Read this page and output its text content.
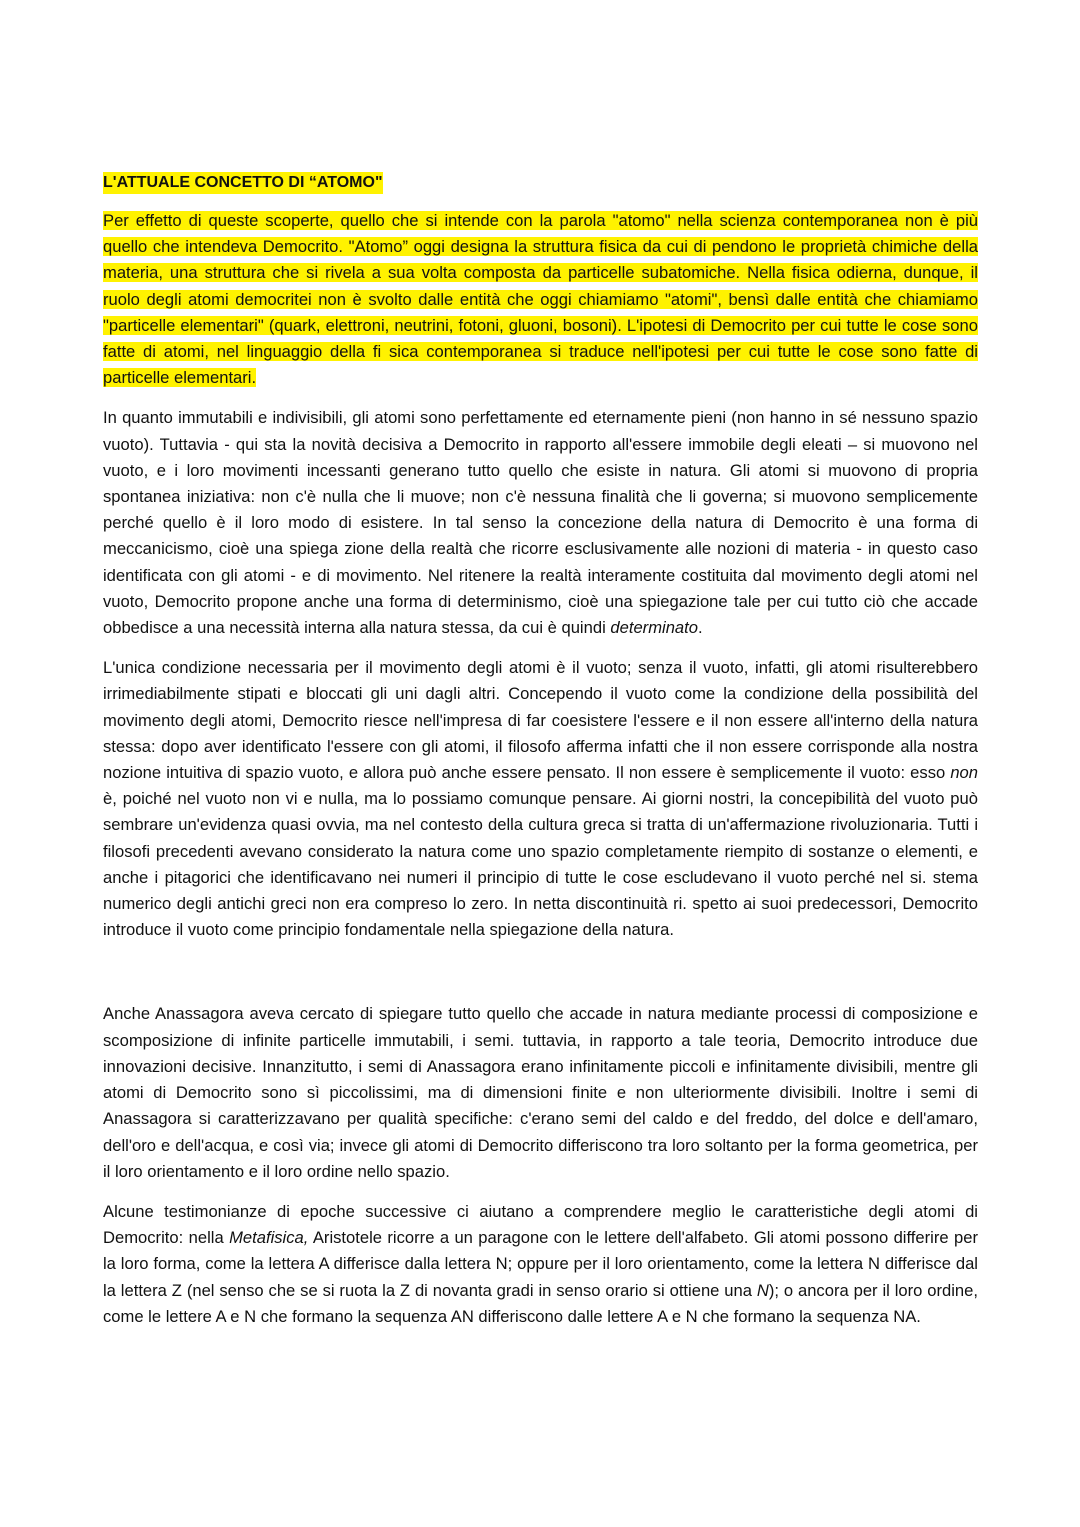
L'ATTUALE CONCETTO DI “ATOMO"

Per effetto di queste scoperte, quello che si intende con la parola "atomo" nella scienza contemporanea non è più quello che intendeva Democrito. "Atomo” oggi designa la struttura fisica da cui di pendono le proprietà chimiche della materia, una struttura che si rivela a sua volta composta da particelle subatomiche. Nella fisica odierna, dunque, il ruolo degli atomi democritei non è svolto dalle entità che oggi chiamiamo "atomi", bensì dalle entità che chiamiamo "particelle elementari" (quark, elettroni, neutrini, fotoni, gluoni, bosoni). L'ipotesi di Democrito per cui tutte le cose sono fatte di atomi, nel linguaggio della fi sica contemporanea si traduce nell'ipotesi per cui tutte le cose sono fatte di particelle elementari.

In quanto immutabili e indivisibili, gli atomi sono perfettamente ed eternamente pieni (non hanno in sé nessuno spazio vuoto). Tuttavia - qui sta la novità decisiva a Democrito in rapporto all'essere immobile degli eleati – si muovono nel vuoto, e i loro movimenti incessanti generano tutto quello che esiste in natura. Gli atomi si muovono di propria spontanea iniziativa: non c'è nulla che li muove; non c'è nessuna finalità che li governa; si muovono semplicemente perché quello è il loro modo di esistere. In tal senso la concezione della natura di Democrito è una forma di meccanicismo, cioè una spiega zione della realtà che ricorre esclusivamente alle nozioni di materia - in questo caso identificata con gli atomi - e di movimento. Nel ritenere la realtà interamente costituita dal movimento degli atomi nel vuoto, Democrito propone anche una forma di determinismo, cioè una spiegazione tale per cui tutto ciò che accade obbedisce a una necessità interna alla natura stessa, da cui è quindi determinato.

L'unica condizione necessaria per il movimento degli atomi è il vuoto; senza il vuoto, infatti, gli atomi risulterebbero irrimediabilmente stipati e bloccati gli uni dagli altri. Concependo il vuoto come la condizione della possibilità del movimento degli atomi, Democrito riesce nell'impresa di far coesistere l'essere e il non essere all'interno della natura stessa: dopo aver identificato l'essere con gli atomi, il filosofo afferma infatti che il non essere corrisponde alla nostra nozione intuitiva di spazio vuoto, e allora può anche essere pensato. Il non essere è semplicemente il vuoto: esso non è, poiché nel vuoto non vi e nulla, ma lo possiamo comunque pensare. Ai giorni nostri, la concepibilità del vuoto può sembrare un'evidenza quasi ovvia, ma nel contesto della cultura greca si tratta di un'affermazione rivoluzionaria. Tutti i filosofi precedenti avevano considerato la natura come uno spazio completamente riempito di sostanze o elementi, e anche i pitagorici che identificavano nei numeri il principio di tutte le cose escludevano il vuoto perché nel si. stema numerico degli antichi greci non era compreso lo zero. In netta discontinuità ri. spetto ai suoi predecessori, Democrito introduce il vuoto come principio fondamentale nella spiegazione della natura.

Anche Anassagora aveva cercato di spiegare tutto quello che accade in natura mediante processi di composizione e scomposizione di infinite particelle immutabili, i semi. tuttavia, in rapporto a tale teoria, Democrito introduce due innovazioni decisive. Innanzitutto, i semi di Anassagora erano infinitamente piccoli e infinitamente divisibili, mentre gli atomi di Democrito sono sì piccolissimi, ma di dimensioni finite e non ulteriormente divisibili. Inoltre i semi di Anassagora si caratterizzavano per qualità specifiche: c'erano semi del caldo e del freddo, del dolce e dell'amaro, dell'oro e dell'acqua, e così via; invece gli atomi di Democrito differiscono tra loro soltanto per la forma geometrica, per il loro orientamento e il loro ordine nello spazio.

Alcune testimonianze di epoche successive ci aiutano a comprendere meglio le caratteristiche degli atomi di Democrito: nella Metafisica, Aristotele ricorre a un paragone con le lettere dell'alfabeto. Gli atomi possono differire per la loro forma, come la lettera A differisce dalla lettera N; oppure per il loro orientamento, come la lettera N differisce dal la lettera Z (nel senso che se si ruota la Z di novanta gradi in senso orario si ottiene una N); o ancora per il loro ordine, come le lettere A e N che formano la sequenza AN differiscono dalle lettere A e N che formano la sequenza NA.
